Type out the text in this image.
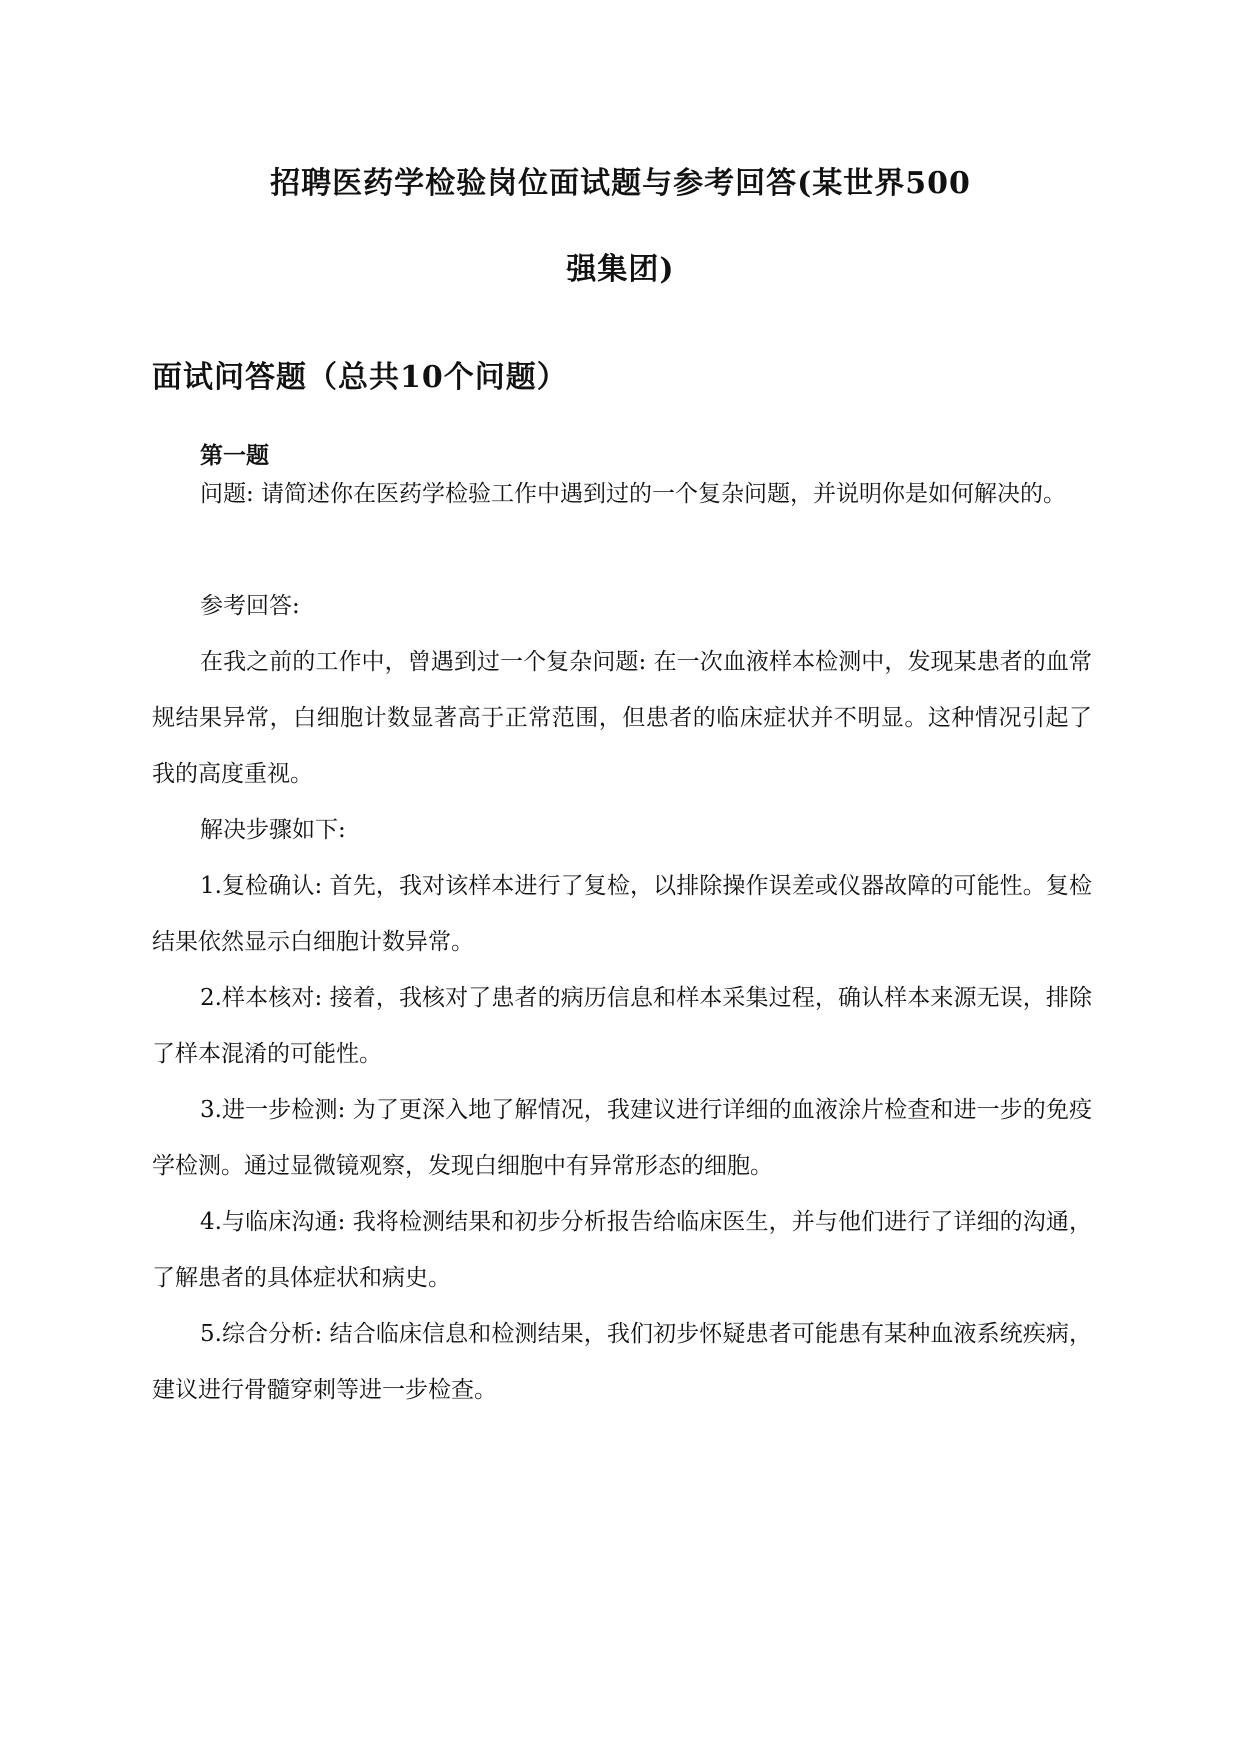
招聘医药学检验岗位面试题与参考回答(某世界500
强集团)
面试问答题（总共10个问题）
第一题

问题: 请简述你在医药学检验工作中遇到过的一个复杂问题，并说明你是如何解决的。

参考回答:

在我之前的工作中，曾遇到过一个复杂问题: 在一次血液样本检测中，发现某患者的血常规结果异常，白细胞计数显著高于正常范围，但患者的临床症状并不明显。这种情况引起了我的高度重视。

解决步骤如下:

1.复检确认: 首先，我对该样本进行了复检，以排除操作误差或仪器故障的可能性。复检结果依然显示白细胞计数异常。

2.样本核对: 接着，我核对了患者的病历信息和样本采集过程，确认样本来源无误，排除了样本混淆的可能性。

3.进一步检测: 为了更深入地了解情况，我建议进行详细的血液涂片检查和进一步的免疫学检测。通过显微镜观察，发现白细胞中有异常形态的细胞。

4.与临床沟通: 我将检测结果和初步分析报告给临床医生，并与他们进行了详细的沟通，了解患者的具体症状和病史。

5.综合分析: 结合临床信息和检测结果，我们初步怀疑患者可能患有某种血液系统疾病，建议进行骨髓穿刺等进一步检查。
